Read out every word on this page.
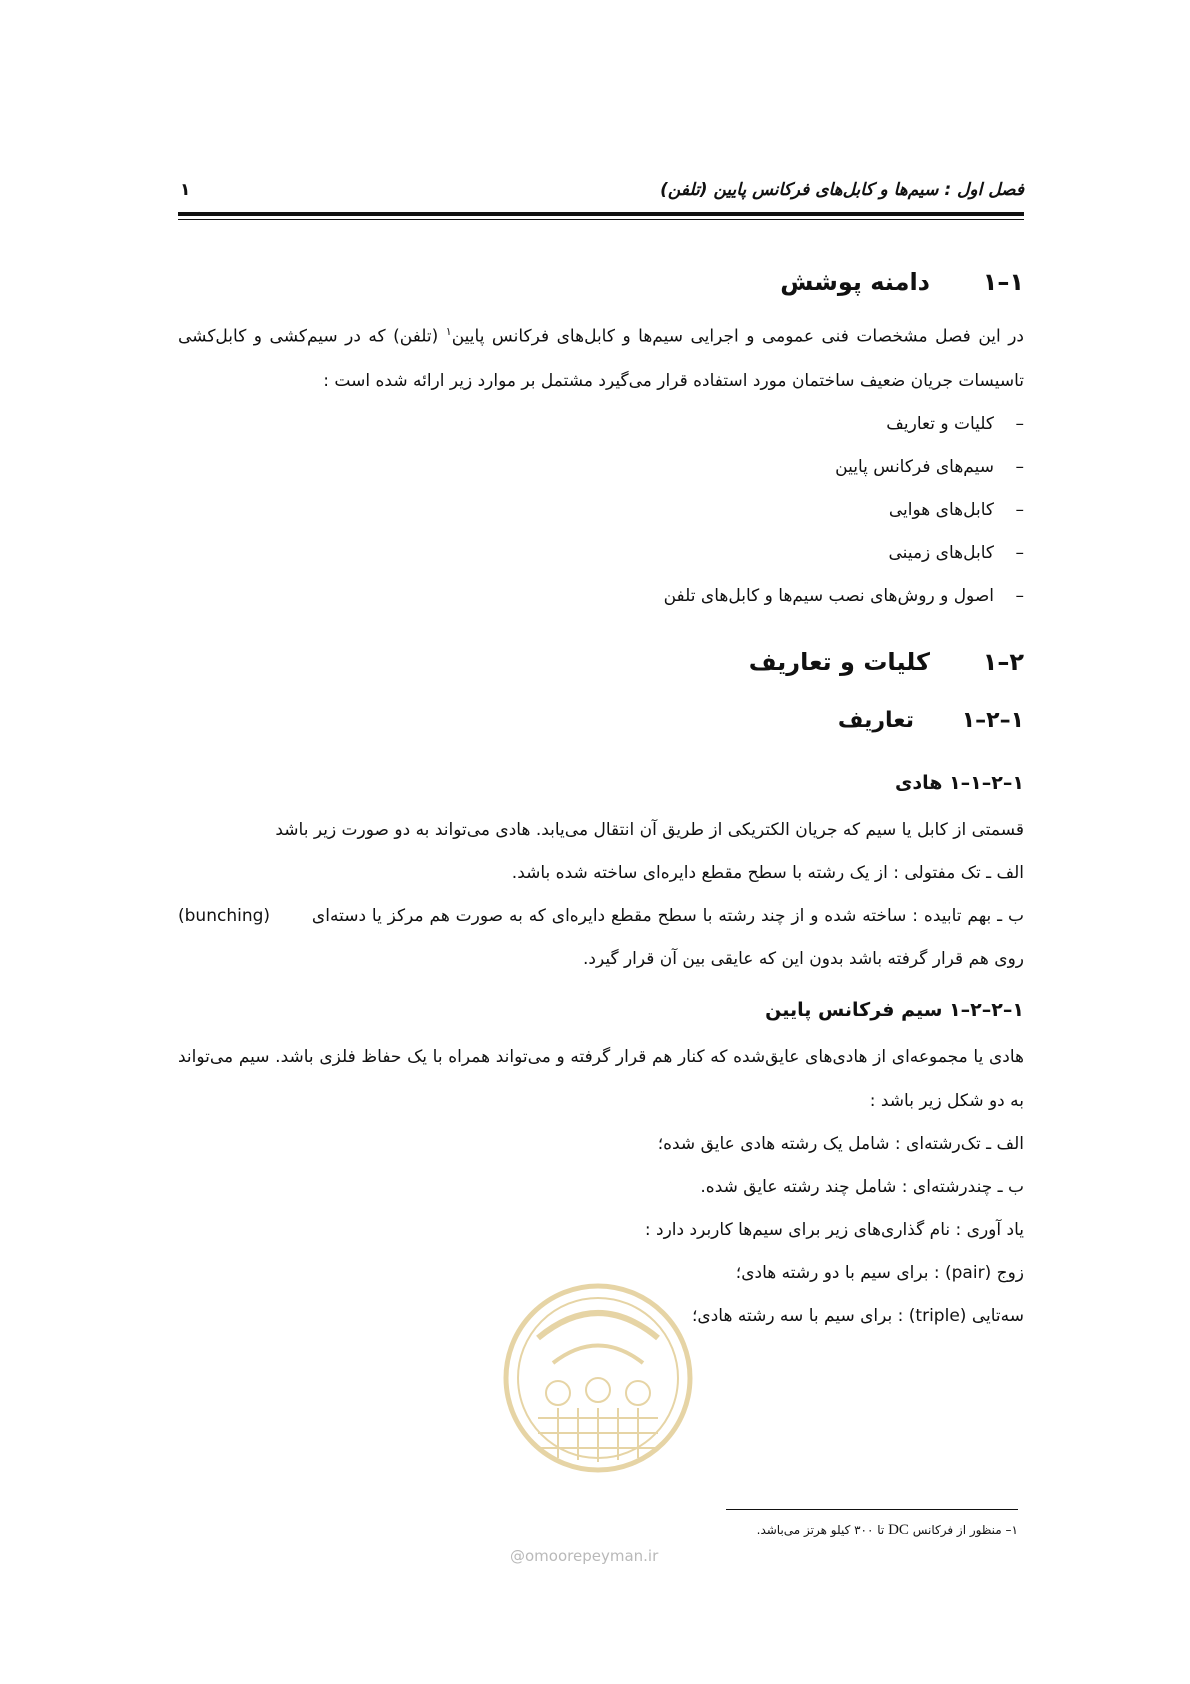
فصل اول : سیم‌ها و کابل‌های فرکانس پایین (تلفن)
۱
۱–۱
دامنه پوشش

در این فصل مشخصات فنی عمومی و اجرایی سیم‌ها و کابل‌های فرکانس پایین$^۱$ (تلفن) که در سیم‌کشی و کابل‌کشی تاسیسات جریان ضعیف ساختمان مورد استفاده قرار می‌گیرد مشتمل بر موارد زیر ارائه شده است :

–
کلیات و تعاریف
–
سیم‌های فرکانس پایین
–
کابل‌های هوایی
–
کابل‌های زمینی
–
اصول و روش‌های نصب سیم‌ها و کابل‌های تلفن
۲–۱
کلیات و تعاریف
۱–۲–۱
تعاریف
۱–۲–۱–۱ هادی

قسمتی از کابل یا سیم که جریان الکتریکی از طریق آن انتقال می‌یابد. هادی می‌تواند به دو صورت زیر باشد

الف ـ تک مفتولی : از یک رشته با سطح مقطع دایره‌ای ساخته شده باشد.

ب ـ بهم تابیده : ساخته شده و از چند رشته با سطح مقطع دایره‌ای که به صورت هم مرکز یا دسته‌ای (bunching) روی هم قرار گرفته باشد بدون این که عایقی بین آن قرار گیرد.

۱–۲–۲–۱ سیم فرکانس پایین

هادی یا مجموعه‌ای از هادی‌های عایق‌شده که کنار هم قرار گرفته و می‌تواند همراه با یک حفاظ فلزی باشد. سیم می‌تواند به دو شکل زیر باشد :

الف ـ تک‌رشته‌ای : شامل یک رشته هادی عایق شده؛

ب ـ چندرشته‌ای : شامل چند رشته عایق شده.

یاد آوری : نام گذاری‌های زیر برای سیم‌ها کاربرد دارد :

زوج (pair) : برای سیم با دو رشته هادی؛

سه‌تایی (triple) : برای سیم با سه رشته هادی؛

@omoorepeyman.ir
۱– منظور از فرکانس DC تا ۳۰۰ کیلو هرتز می‌باشد.
